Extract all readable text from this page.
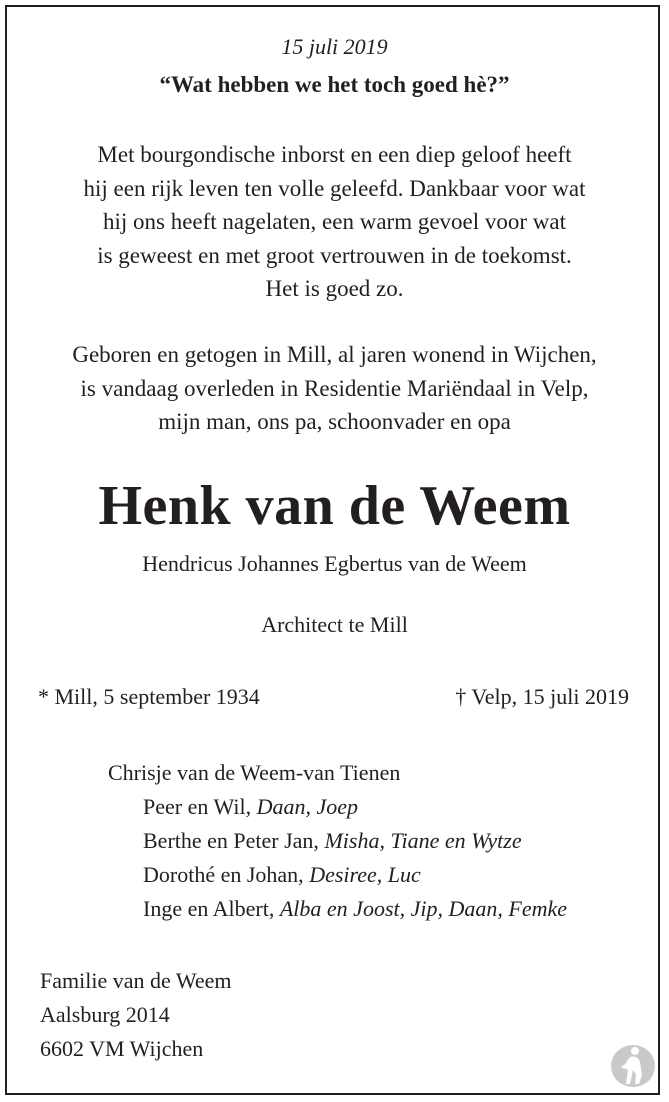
15 juli 2019
“Wat hebben we het toch goed hè?”
Met bourgondische inborst en een diep geloof heeft
hij een rijk leven ten volle geleefd. Dankbaar voor wat
hij ons heeft nagelaten, een warm gevoel voor wat
is geweest en met groot vertrouwen in de toekomst.
Het is goed zo.
Geboren en getogen in Mill, al jaren wonend in Wijchen,
is vandaag overleden in Residentie Mariëndaal in Velp,
mijn man, ons pa, schoonvader en opa
Henk van de Weem
Hendricus Johannes Egbertus van de Weem
Architect te Mill
* Mill, 5 september 1934	† Velp, 15 juli 2019
Chrisje van de Weem-van Tienen
Peer en Wil, Daan, Joep
Berthe en Peter Jan, Misha, Tiane en Wytze
Dorothé en Johan, Desiree, Luc
Inge en Albert, Alba en Joost, Jip, Daan, Femke
Familie van de Weem
Aalsburg 2014
6602 VM Wijchen
